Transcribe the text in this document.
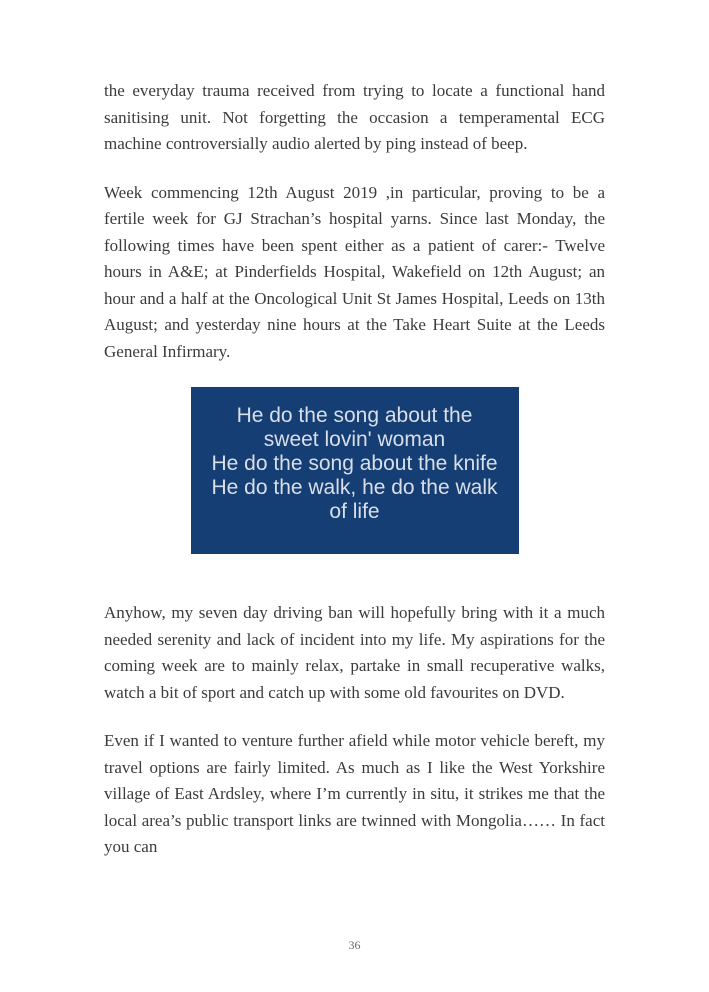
the everyday trauma received from trying to locate a functional hand sanitising unit. Not forgetting the occasion a temperamental ECG machine controversially audio alerted by ping instead of beep.

Week commencing 12th August 2019 ,in particular, proving to be a fertile week for GJ Strachan’s hospital yarns. Since last Monday, the following times have been spent either as a patient of carer:- Twelve hours in A&E; at Pinderfields Hospital, Wakefield on 12th August; an hour and a half at the Oncological Unit St James Hospital, Leeds on 13th August; and yesterday nine hours at the Take Heart Suite at the Leeds General Infirmary.

He do the song about the
sweet lovin' woman
He do the song about the knife
He do the walk, he do the walk
of life

Anyhow, my seven day driving ban will hopefully bring with it a much needed serenity and lack of incident into my life. My aspirations for the coming week are to mainly relax, partake in small recuperative walks, watch a bit of sport and catch up with some old favourites on DVD.

Even if I wanted to venture further afield while motor vehicle bereft, my travel options are fairly limited. As much as I like the West Yorkshire village of East Ardsley, where I’m currently in situ, it strikes me that the local area’s public transport links are twinned with Mongolia…… In fact you can

36
